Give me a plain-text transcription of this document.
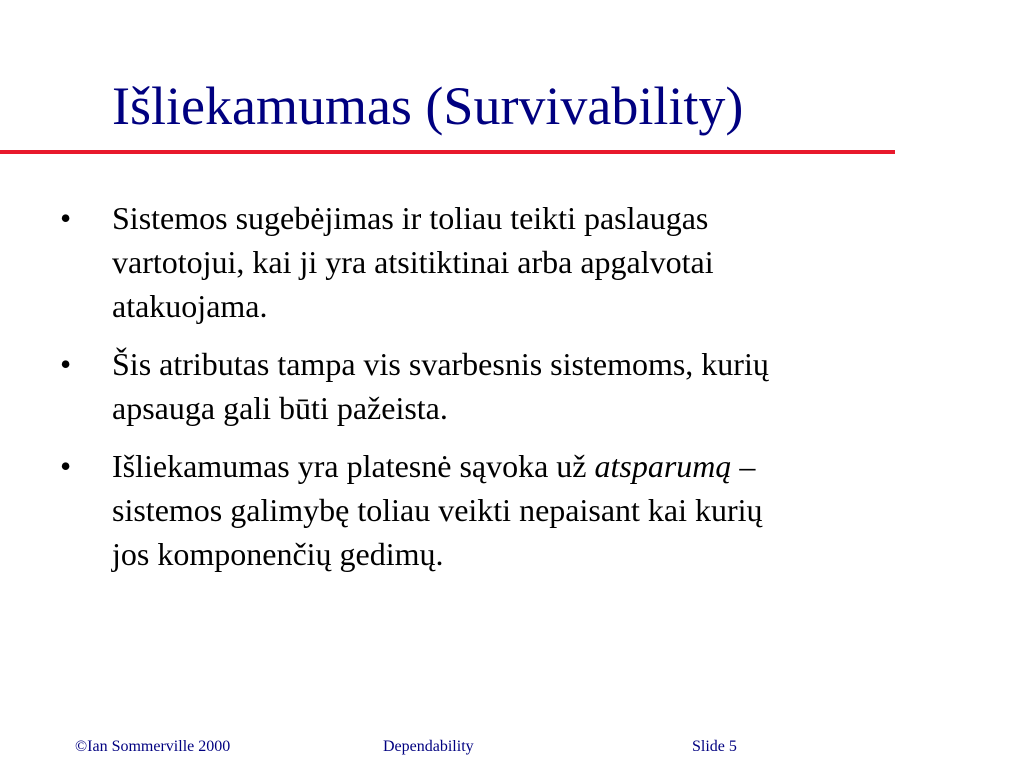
Išliekamumas (Survivability)
• Sistemos sugebėjimas ir toliau teikti paslaugas
vartotojui, kai ji yra atsitiktinai arba apgalvotai
atakuojama.
• Šis atributas tampa vis svarbesnis sistemoms, kurių
apsauga gali būti pažeista.
• Išliekamumas yra platesnė sąvoka už atsparumą –
sistemos galimybę toliau veikti nepaisant kai kurių
jos komponenčių gedimų.
©Ian Sommerville 2000	Dependability	Slide 5
